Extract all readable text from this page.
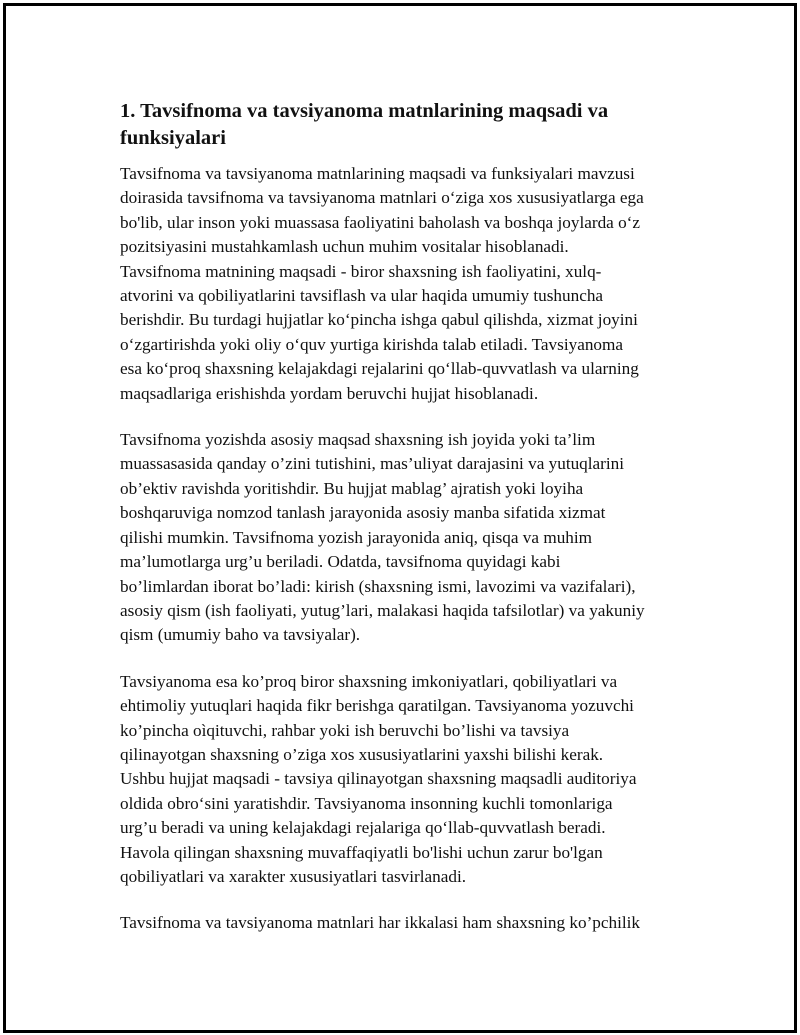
1. Tavsifnoma va tavsiyanoma matnlarining maqsadi va
funksiyalari
Tavsifnoma va tavsiyanoma matnlarining maqsadi va funksiyalari mavzusi
doirasida tavsifnoma va tavsiyanoma matnlari o‘ziga xos xususiyatlarga ega
bo'lib, ular inson yoki muassasa faoliyatini baholash va boshqa joylarda o‘z
pozitsiyasini mustahkamlash uchun muhim vositalar hisoblanadi.
Tavsifnoma matnining maqsadi - biror shaxsning ish faoliyatini, xulq-
atvorini va qobiliyatlarini tavsiflash va ular haqida umumiy tushuncha
berishdir. Bu turdagi hujjatlar ko‘pincha ishga qabul qilishda, xizmat joyini
o‘zgartirishda yoki oliy o‘quv yurtiga kirishda talab etiladi. Tavsiyanoma
esa ko‘proq shaxsning kelajakdagi rejalarini qo‘llab-quvvatlash va ularning
maqsadlariga erishishda yordam beruvchi hujjat hisoblanadi.
Tavsifnoma yozishda asosiy maqsad shaxsning ish joyida yoki ta’lim
muassasasida qanday o’zini tutishini, mas’uliyat darajasini va yutuqlarini
ob’ektiv ravishda yoritishdir. Bu hujjat mablag’ ajratish yoki loyiha
boshqaruviga nomzod tanlash jarayonida asosiy manba sifatida xizmat
qilishi mumkin. Tavsifnoma yozish jarayonida aniq, qisqa va muhim
ma’lumotlarga urg’u beriladi. Odatda, tavsifnoma quyidagi kabi
bo’limlardan iborat bo’ladi: kirish (shaxsning ismi, lavozimi va vazifalari),
asosiy qism (ish faoliyati, yutug’lari, malakasi haqida tafsilotlar) va yakuniy
qism (umumiy baho va tavsiyalar).
Tavsiyanoma esa ko’proq biror shaxsning imkoniyatlari, qobiliyatlari va
ehtimoliy yutuqlari haqida fikr berishga qaratilgan. Tavsiyanoma yozuvchi
ko’pincha oìqituvchi, rahbar yoki ish beruvchi bo’lishi va tavsiya
qilinayotgan shaxsning o’ziga xos xususiyatlarini yaxshi bilishi kerak.
Ushbu hujjat maqsadi - tavsiya qilinayotgan shaxsning maqsadli auditoriya
oldida obro‘sini yaratishdir. Tavsiyanoma insonning kuchli tomonlariga
urg’u beradi va uning kelajakdagi rejalariga qo‘llab-quvvatlash beradi.
Havola qilingan shaxsning muvaffaqiyatli bo'lishi uchun zarur bo'lgan
qobiliyatlari va xarakter xususiyatlari tasvirlanadi.
Tavsifnoma va tavsiyanoma matnlari har ikkalasi ham shaxsning ko’pchilik
